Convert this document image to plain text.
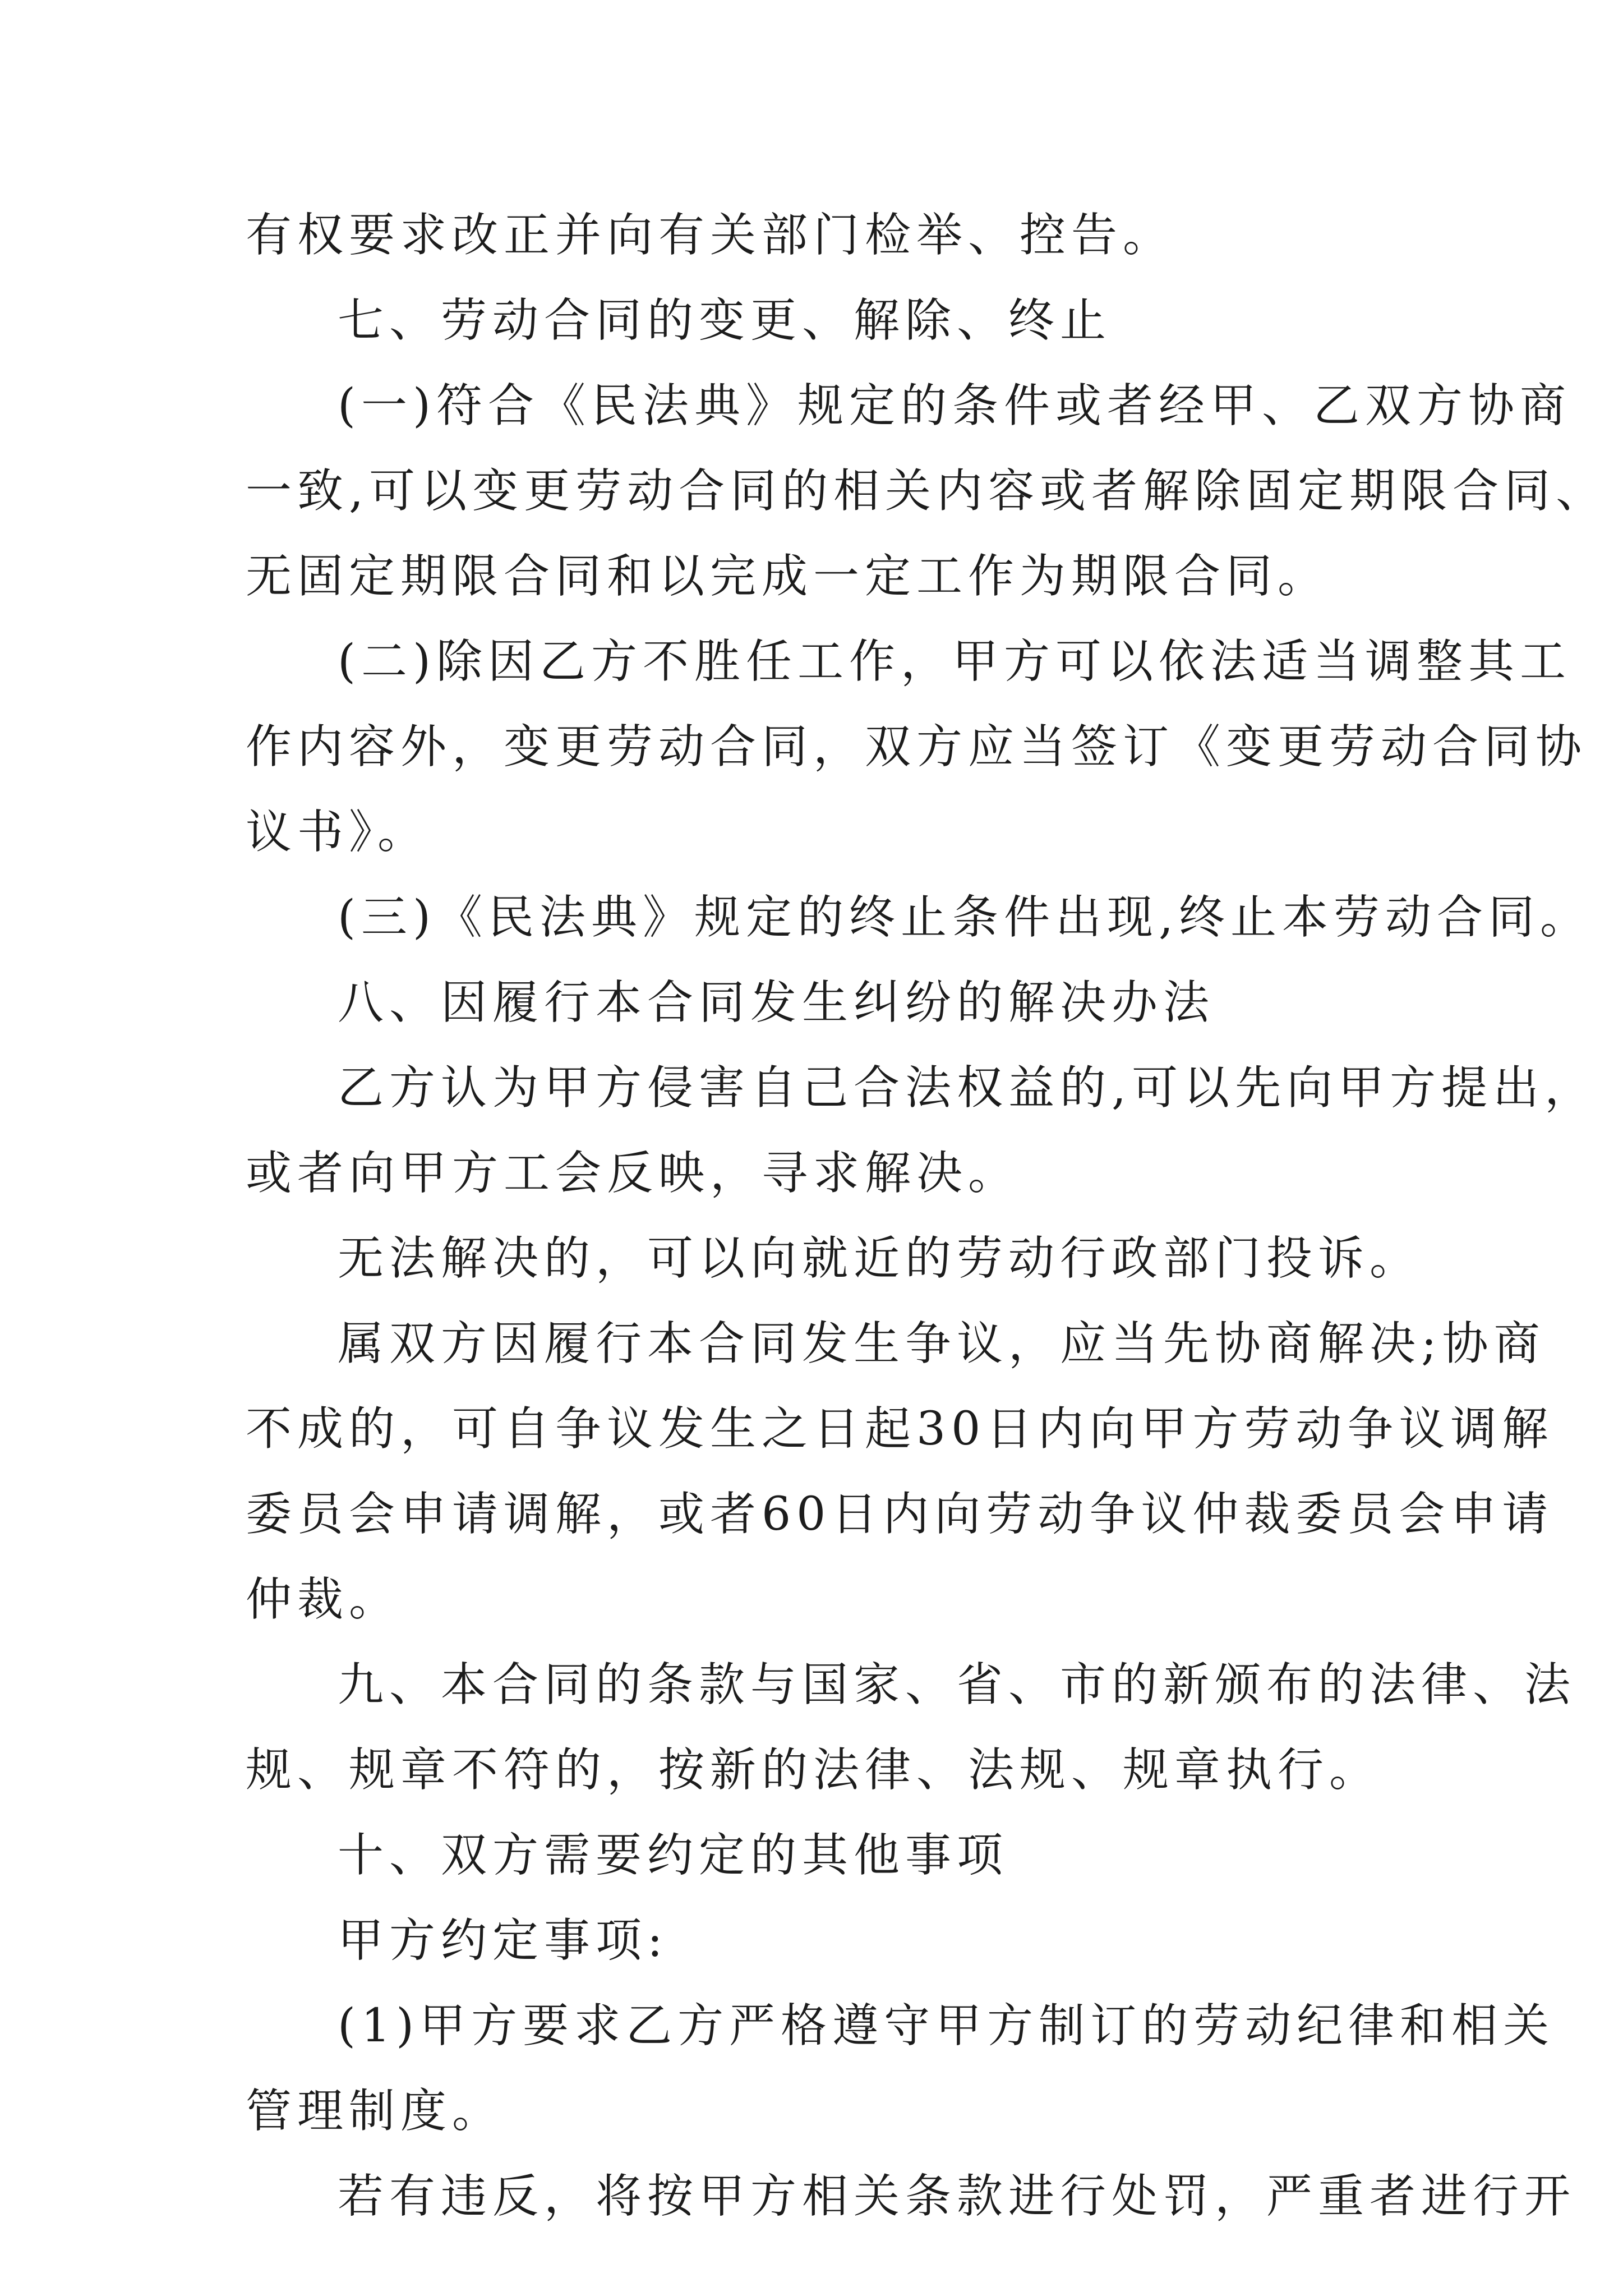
有权要求改正并向有关部门检举、控告。
七、劳动合同的变更、解除、终止
(一)符合《民法典》规定的条件或者经甲、乙双方协商
一致,可以变更劳动合同的相关内容或者解除固定期限合同、
无固定期限合同和以完成一定工作为期限合同。
(二)除因乙方不胜任工作，甲方可以依法适当调整其工
作内容外，变更劳动合同，双方应当签订《变更劳动合同协
议书》。
(三)《民法典》规定的终止条件出现,终止本劳动合同。
八、因履行本合同发生纠纷的解决办法
乙方认为甲方侵害自己合法权益的,可以先向甲方提出，
或者向甲方工会反映，寻求解决。
无法解决的，可以向就近的劳动行政部门投诉。
属双方因履行本合同发生争议，应当先协商解决;协商
不成的，可自争议发生之日起30日内向甲方劳动争议调解
委员会申请调解，或者60日内向劳动争议仲裁委员会申请
仲裁。
九、本合同的条款与国家、省、市的新颁布的法律、法
规、规章不符的，按新的法律、法规、规章执行。
十、双方需要约定的其他事项
甲方约定事项:
(1)甲方要求乙方严格遵守甲方制订的劳动纪律和相关
管理制度。
若有违反，将按甲方相关条款进行处罚，严重者进行开
